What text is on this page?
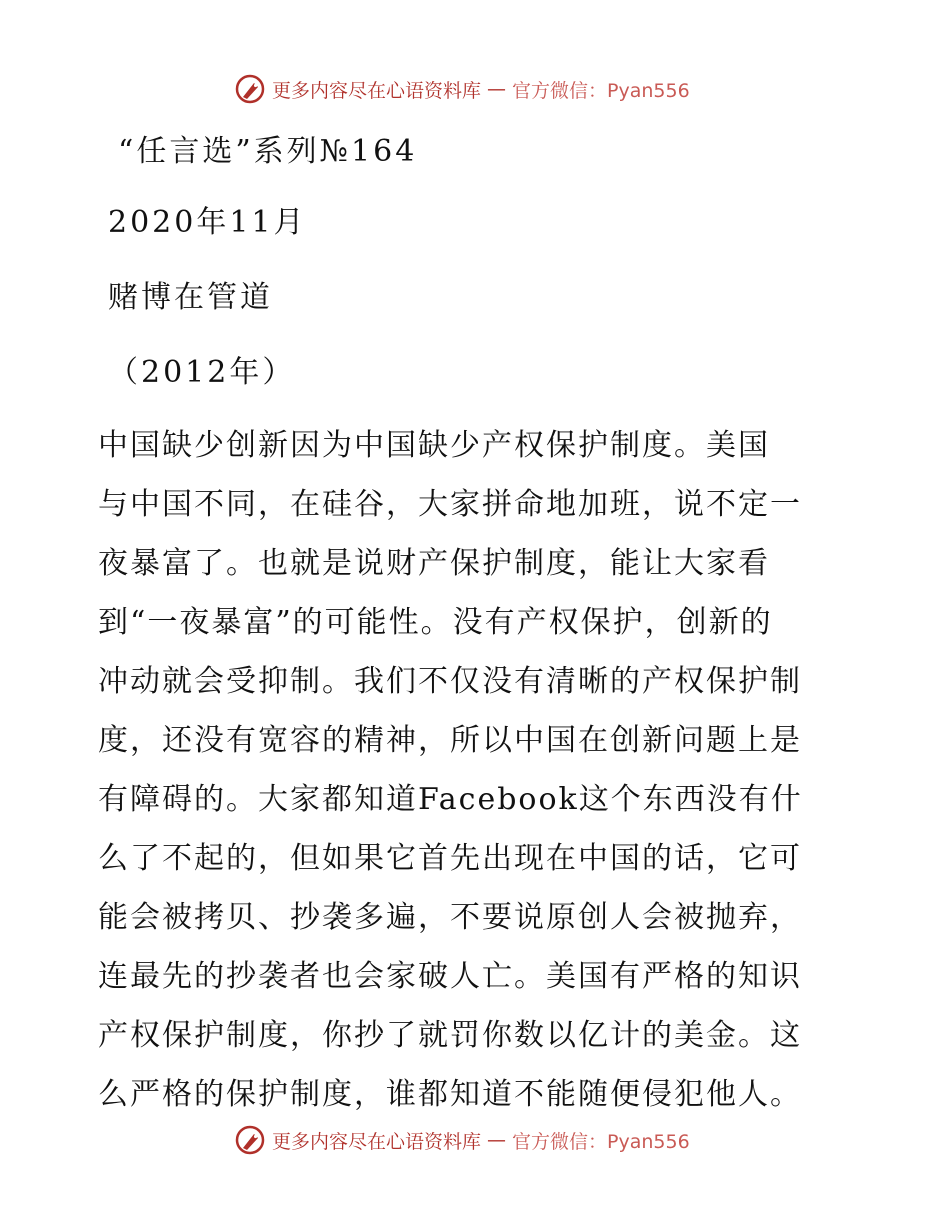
更多内容尽在心语资料库 — 官方微信：Pyan556
“任言选”系列№164
2020年11月
赌博在管道
（2012年）
中国缺少创新因为中国缺少产权保护制度。美国
与中国不同，在硅谷，大家拼命地加班，说不定一
夜暴富了。也就是说财产保护制度，能让大家看
到“一夜暴富”的可能性。没有产权保护，创新的
冲动就会受抑制。我们不仅没有清晰的产权保护制
度，还没有宽容的精神，所以中国在创新问题上是
有障碍的。大家都知道Facebook这个东西没有什
么了不起的，但如果它首先出现在中国的话，它可
能会被拷贝、抄袭多遍，不要说原创人会被抛弃，
连最先的抄袭者也会家破人亡。美国有严格的知识
产权保护制度，你抄了就罚你数以亿计的美金。这
么严格的保护制度，谁都知道不能随便侵犯他人。
更多内容尽在心语资料库 — 官方微信：Pyan556
